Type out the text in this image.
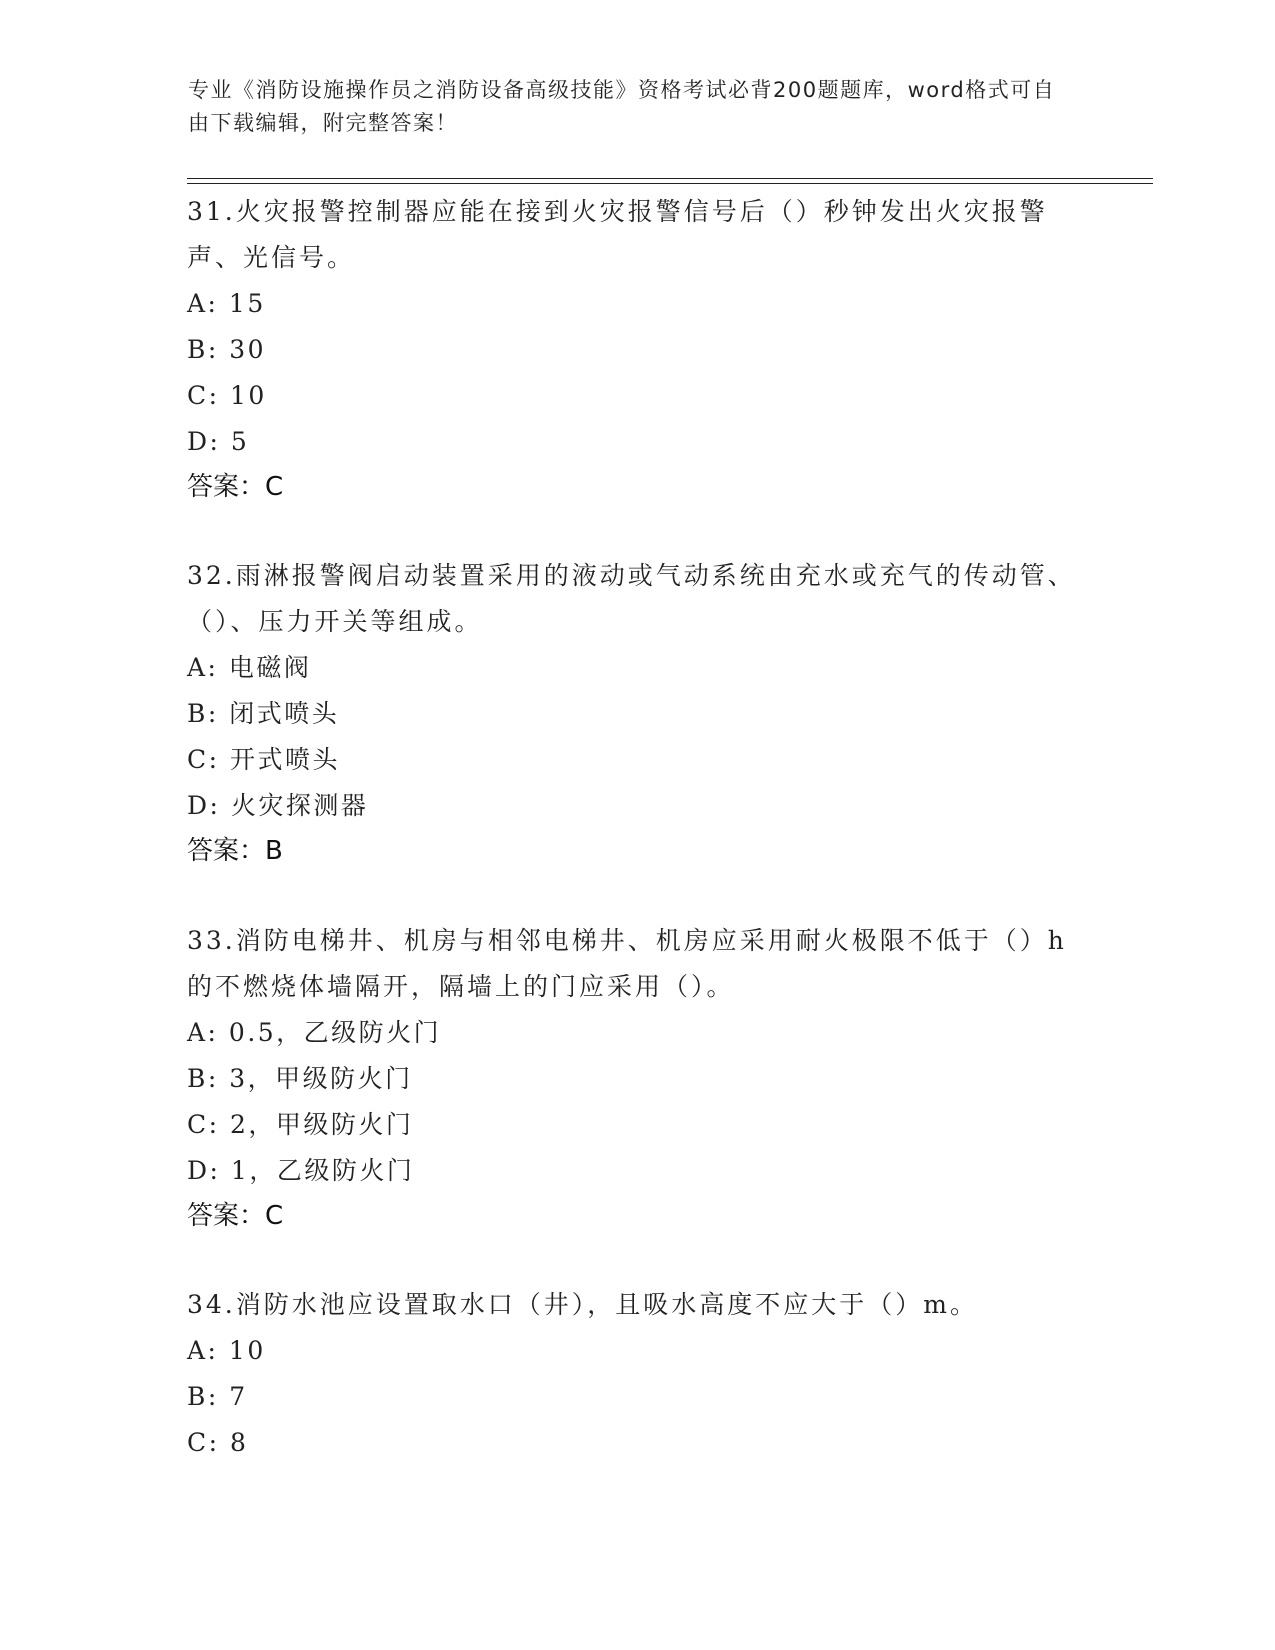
专业《消防设施操作员之消防设备高级技能》资格考试必背200题题库，word格式可自由下载编辑，附完整答案！

31.火灾报警控制器应能在接到火灾报警信号后（）秒钟发出火灾报警声、光信号。

A: 15
B: 30
C: 10
D: 5
答案：C

32.雨淋报警阀启动装置采用的液动或气动系统由充水或充气的传动管、（）、压力开关等组成。

A: 电磁阀
B: 闭式喷头
C: 开式喷头
D: 火灾探测器
答案：B

33.消防电梯井、机房与相邻电梯井、机房应采用耐火极限不低于（）h的不燃烧体墙隔开，隔墙上的门应采用（）。

A: 0.5，乙级防火门
B: 3，甲级防火门
C: 2，甲级防火门
D: 1，乙级防火门
答案：C

34.消防水池应设置取水口（井），且吸水高度不应大于（）m。

A: 10
B: 7
C: 8
